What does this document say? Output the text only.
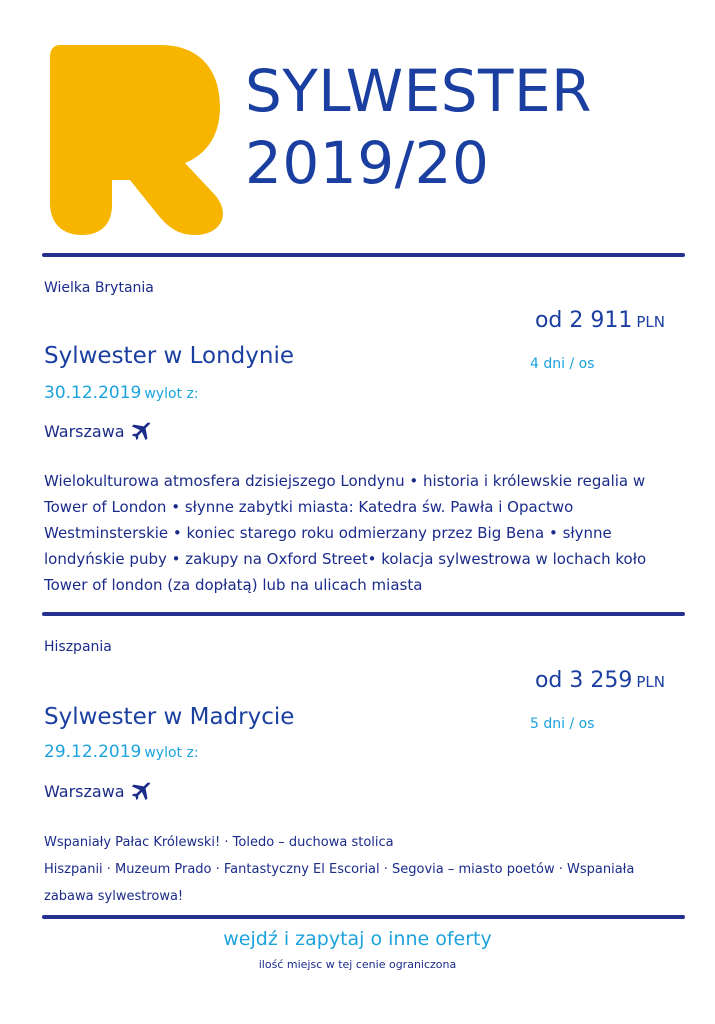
SYLWESTER
2019/20
Wielka Brytania
od 2 911 PLN
Sylwester w Londynie	4 dni / os
30.12.2019 wylot z:
Warszawa
Wielokulturowa atmosfera dzisiejszego Londynu • historia i królewskie regalia w Tower of London • słynne zabytki miasta: Katedra św. Pawła i Opactwo Westminsterskie • koniec starego roku odmierzany przez Big Bena • słynne londyńskie puby • zakupy na Oxford Street• kolacja sylwestrowa w lochach koło Tower of london (za dopłatą) lub na ulicach miasta
Hiszpania
od 3 259 PLN
Sylwester w Madrycie	5 dni / os
29.12.2019 wylot z:
Warszawa
Wspaniały Pałac Królewski! · Toledo – duchowa stolica
Hiszpanii · Muzeum Prado · Fantastyczny El Escorial · Segovia – miasto poetów · Wspaniała zabawa sylwestrowa!
wejdź i zapytaj o inne oferty
ilość miejsc w tej cenie ograniczona
